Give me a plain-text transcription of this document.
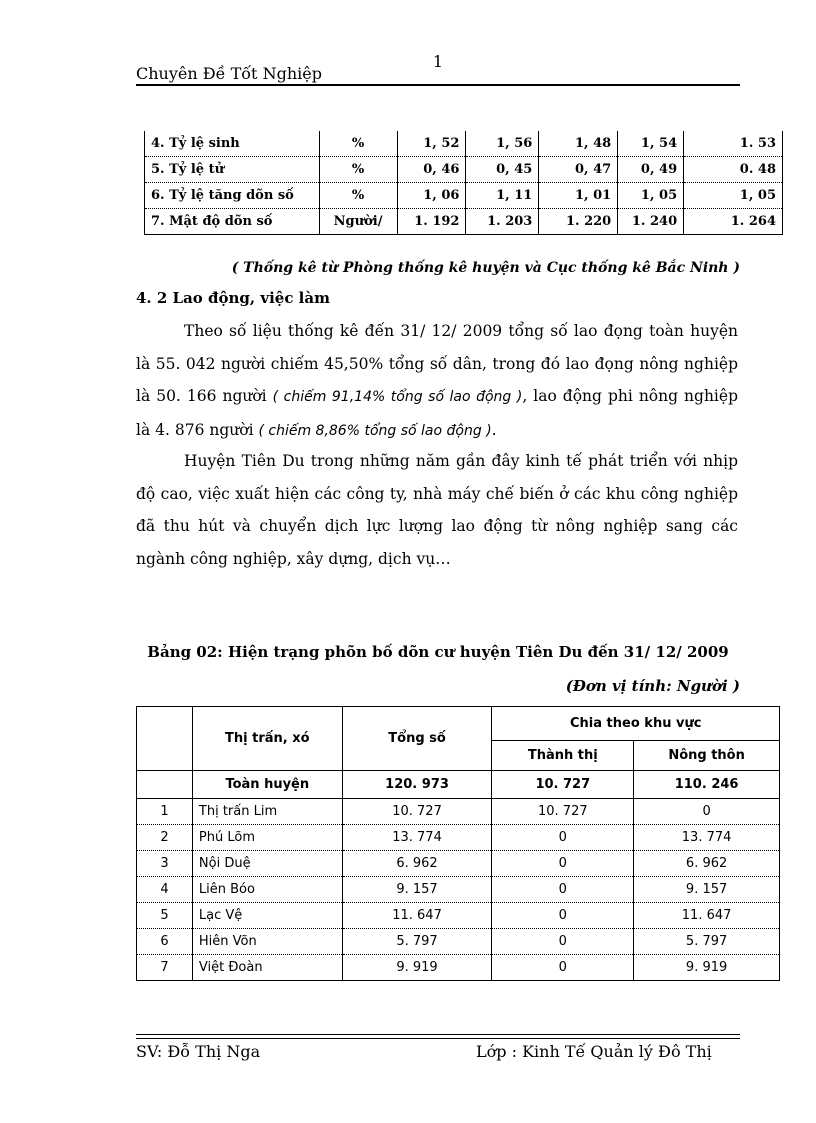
1
Chuyên Đề Tốt Nghiệp
4. Tỷ lệ sinh	%	1, 52	1, 56	1, 48	1, 54	1. 53
5. Tỷ lệ tử	%	0, 46	0, 45	0, 47	0, 49	0. 48
6. Tỷ lệ tăng dõn số	%	1, 06	1, 11	1, 01	1, 05	1, 05
7. Mật độ dõn số	Người/	1. 192	1. 203	1. 220	1. 240	1. 264
( Thống kê từ Phòng thống kê huyện và Cục thống kê Bắc Ninh )
4. 2 Lao động, việc làm
Theo số liệu thống kê đến 31/ 12/ 2009 tổng số lao đọng toàn huyện là 55. 042 người chiếm 45,50% tổng số dân, trong đó lao đọng nông nghiệp là 50. 166 người ( chiếm 91,14% tổng số lao động ), lao động phi nông nghiệp là 4. 876 người ( chiếm 8,86% tổng số lao động ).
Huyện Tiên Du trong những năm gần đây kinh tế phát triển với nhịp độ cao, việc xuất hiện các công ty, nhà máy chế biến ở các khu công nghiệp đã thu hút và chuyển dịch lực lượng lao động từ nông nghiệp sang các ngành công nghiệp, xây dựng, dịch vụ…
Bảng 02: Hiện trạng phõn bố dõn cư huyện Tiên Du đến 31/ 12/ 2009
(Đơn vị tính: Người )
	Thị trấn, xó	Tổng số	Chia theo khu vực	
			Thành thị	Nông thôn
	Toàn huyện	120. 973	10. 727	110. 246
1	Thị trấn Lim	10. 727	10. 727	0
2	Phú Lõm	13. 774	0	13. 774
3	Nội Duệ	6. 962	0	6. 962
4	Liên Bóo	9. 157	0	9. 157
5	Lạc Vệ	11. 647	0	11. 647
6	Hiên Võn	5. 797	0	5. 797
7	Việt Đoàn	9. 919	0	9. 919
SV: Đỗ Thị Nga	Lớp : Kinh Tế Quản lý Đô Thị
